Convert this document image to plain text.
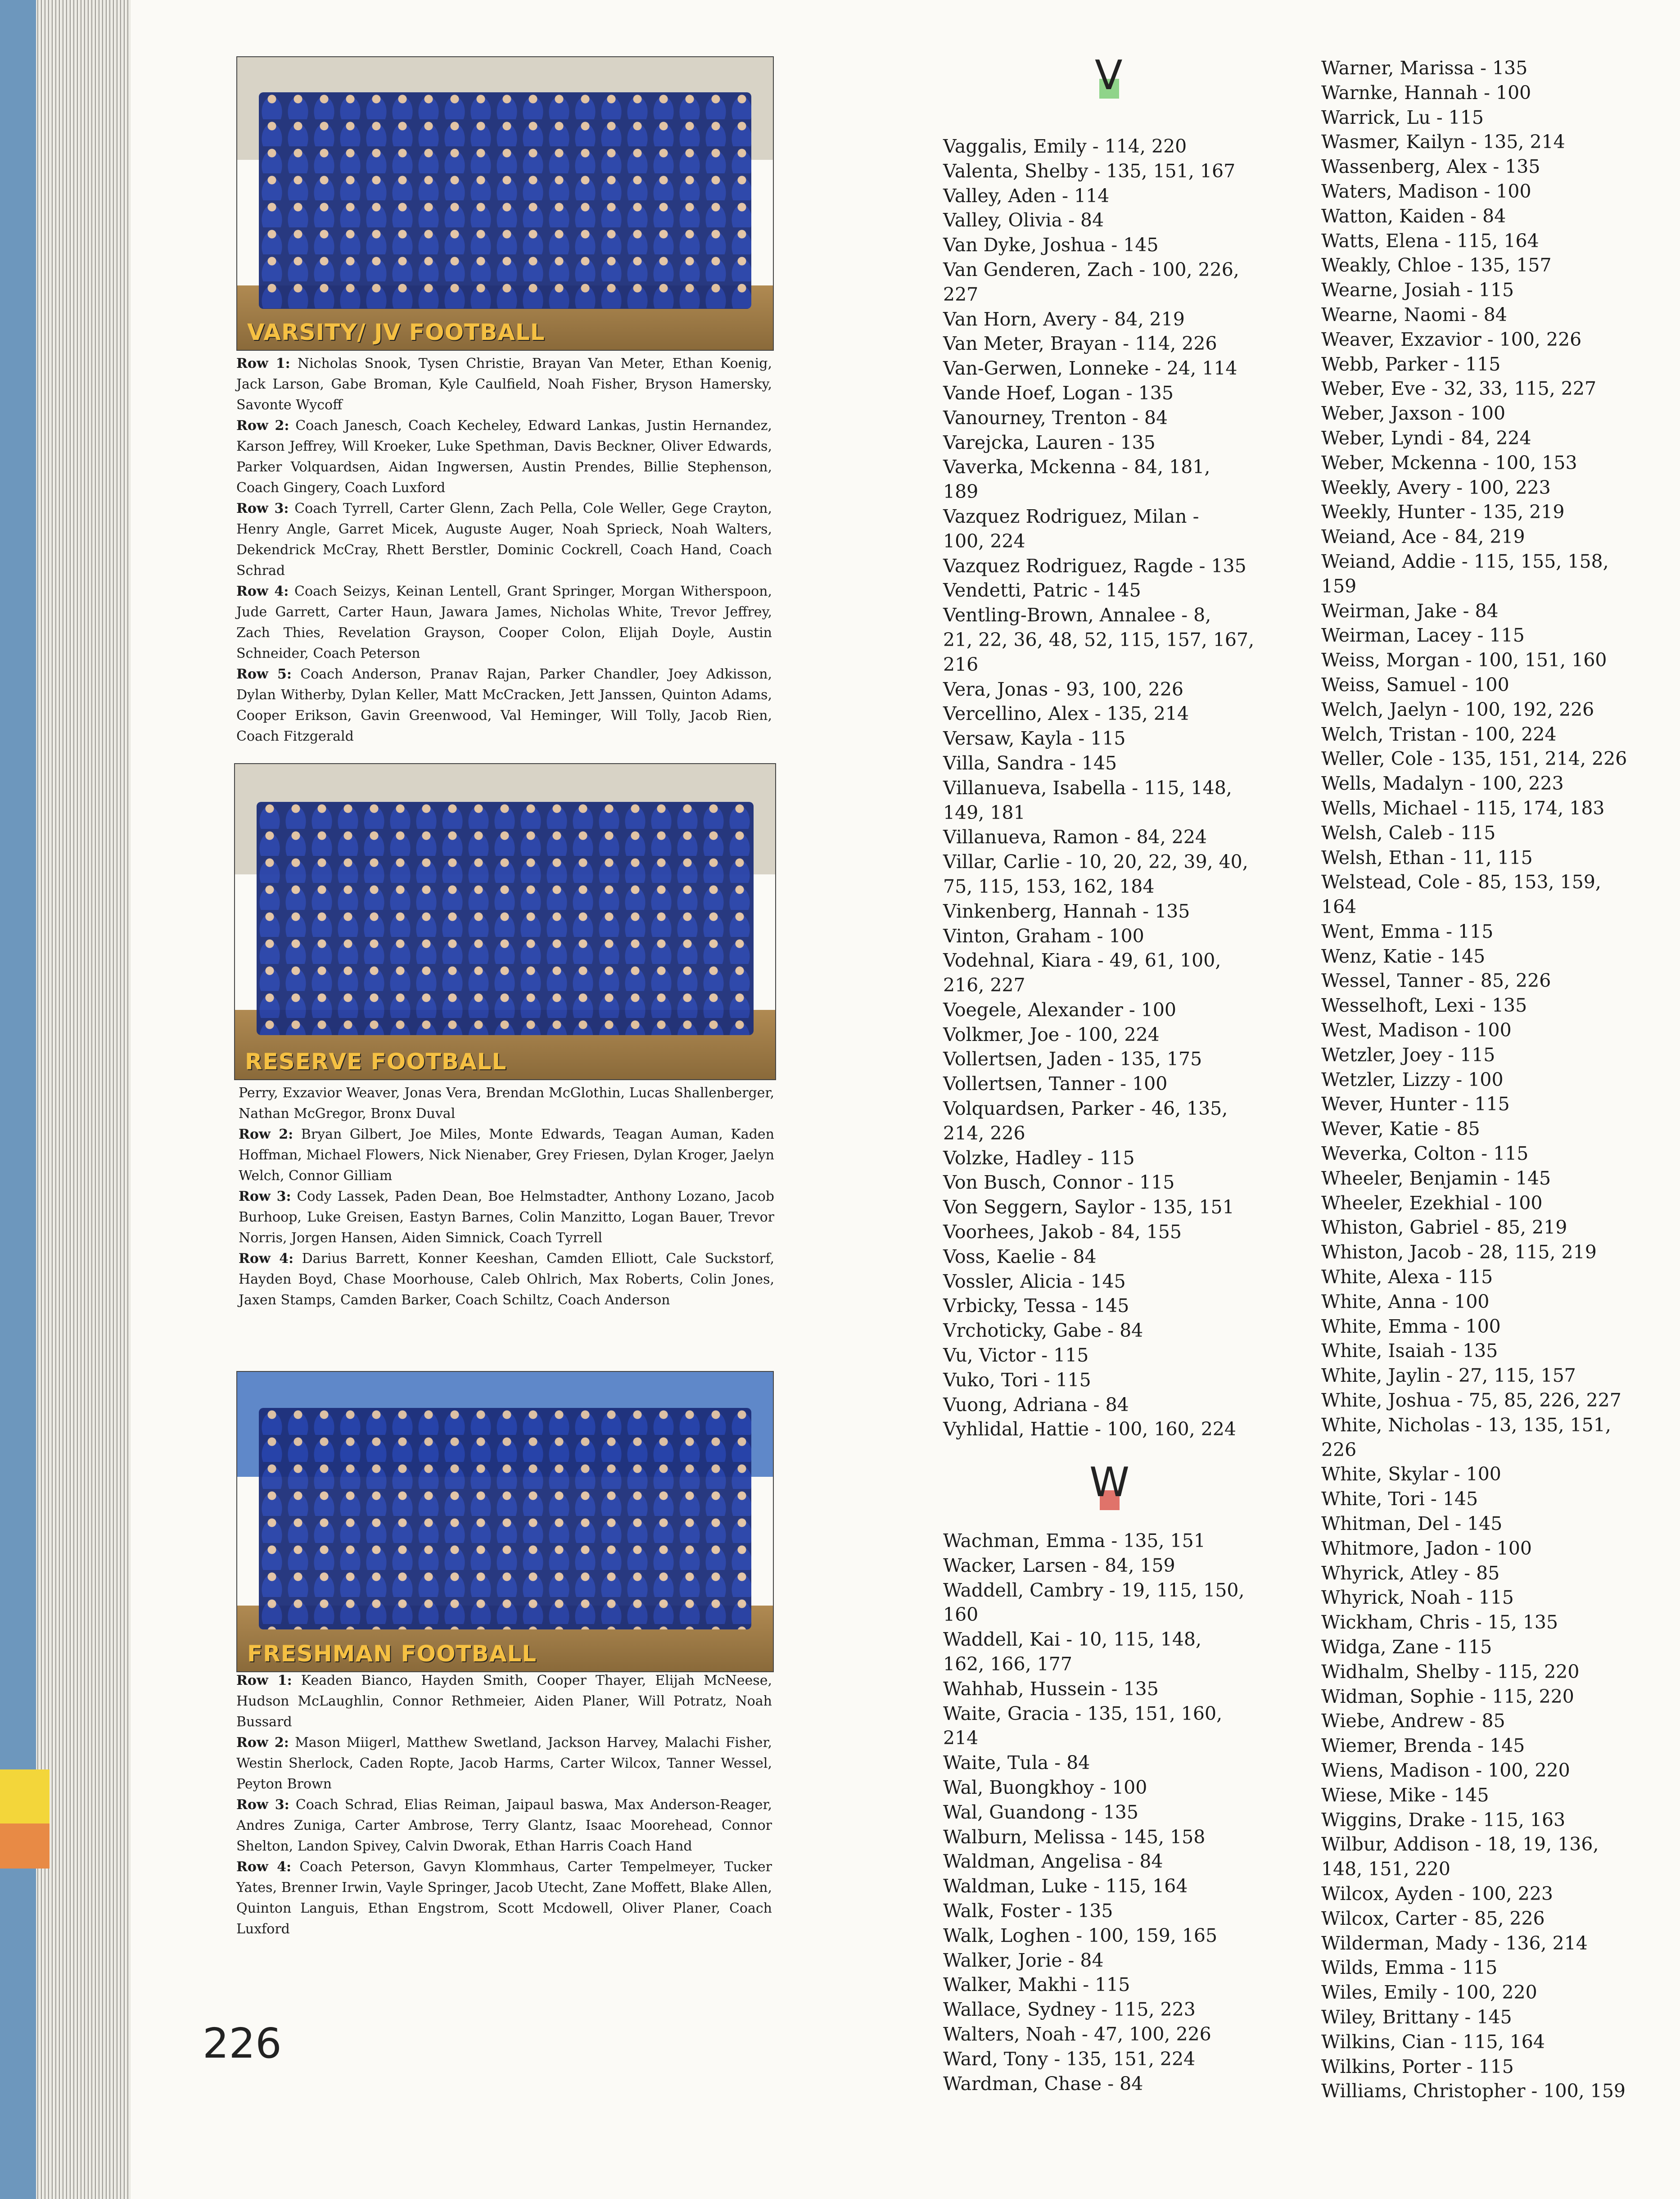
VARSITY/ JV FOOTBALL

Row 1: Nicholas Snook, Tysen Christie, Brayan Van Meter, Ethan Koenig, Jack Larson, Gabe Broman, Kyle Caulfield, Noah Fisher, Bryson Hamersky, Savonte Wycoff

Row 2: Coach Janesch, Coach Kecheley, Edward Lankas, Justin Hernandez, Karson Jeffrey, Will Kroeker, Luke Spethman, Davis Beckner, Oliver Edwards, Parker Volquardsen, Aidan Ingwersen, Austin Prendes, Billie Stephenson, Coach Gingery, Coach Luxford

Row 3: Coach Tyrrell, Carter Glenn, Zach Pella, Cole Weller, Gege Crayton, Henry Angle, Garret Micek, Auguste Auger, Noah Sprieck, Noah Walters, Dekendrick McCray, Rhett Berstler, Dominic Cockrell, Coach Hand, Coach Schrad

Row 4: Coach Seizys, Keinan Lentell, Grant Springer, Morgan Witherspoon, Jude Garrett, Carter Haun, Jawara James, Nicholas White, Trevor Jeffrey, Zach Thies, Revelation Grayson, Cooper Colon, Elijah Doyle, Austin Schneider, Coach Peterson

Row 5: Coach Anderson, Pranav Rajan, Parker Chandler, Joey Adkisson, Dylan Witherby, Dylan Keller, Matt McCracken, Jett Janssen, Quinton Adams, Cooper Erikson, Gavin Greenwood, Val Heminger, Will Tolly, Jacob Rien, Coach Fitzgerald

RESERVE FOOTBALL

Perry, Exzavior Weaver, Jonas Vera, Brendan McGlothin, Lucas Shallenberger, Nathan McGregor, Bronx Duval

Row 2: Bryan Gilbert, Joe Miles, Monte Edwards, Teagan Auman, Kaden Hoffman, Michael Flowers, Nick Nienaber, Grey Friesen, Dylan Kroger, Jaelyn Welch, Connor Gilliam

Row 3: Cody Lassek, Paden Dean, Boe Helmstadter, Anthony Lozano, Jacob Burhoop, Luke Greisen, Eastyn Barnes, Colin Manzitto, Logan Bauer, Trevor Norris, Jorgen Hansen, Aiden Simnick, Coach Tyrrell

Row 4: Darius Barrett, Konner Keeshan, Camden Elliott, Cale Suckstorf, Hayden Boyd, Chase Moorhouse, Caleb Ohlrich, Max Roberts, Colin Jones, Jaxen Stamps, Camden Barker, Coach Schiltz, Coach Anderson

FRESHMAN FOOTBALL

Row 1: Keaden Bianco, Hayden Smith, Cooper Thayer, Elijah McNeese, Hudson McLaughlin, Connor Rethmeier, Aiden Planer, Will Potratz, Noah Bussard

Row 2: Mason Miigerl, Matthew Swetland, Jackson Harvey, Malachi Fisher, Westin Sherlock, Caden Ropte, Jacob Harms, Carter Wilcox, Tanner Wessel, Peyton Brown

Row 3: Coach Schrad, Elias Reiman, Jaipaul baswa, Max Anderson-Reager, Andres Zuniga, Carter Ambrose, Terry Glantz, Isaac Moorehead, Connor Shelton, Landon Spivey, Calvin Dworak, Ethan Harris Coach Hand

Row 4: Coach Peterson, Gavyn Klommhaus, Carter Tempelmeyer, Tucker Yates, Brenner Irwin, Vayle Springer, Jacob Utecht, Zane Moffett, Blake Allen, Quinton Languis, Ethan Engstrom, Scott Mcdowell, Oliver Planer, Coach Luxford

226
V
W
Vaggalis, Emily - 114, 220
Valenta, Shelby - 135, 151, 167
Valley, Aden - 114
Valley, Olivia - 84
Van Dyke, Joshua - 145
Van Genderen, Zach - 100, 226,
227
Van Horn, Avery - 84, 219
Van Meter, Brayan - 114, 226
Van-Gerwen, Lonneke - 24, 114
Vande Hoef, Logan - 135
Vanourney, Trenton - 84
Varejcka, Lauren - 135
Vaverka, Mckenna - 84, 181,
189
Vazquez Rodriguez, Milan -
100, 224
Vazquez Rodriguez, Ragde - 135
Vendetti, Patric - 145
Ventling-Brown, Annalee - 8,
21, 22, 36, 48, 52, 115, 157, 167,
216
Vera, Jonas - 93, 100, 226
Vercellino, Alex - 135, 214
Versaw, Kayla - 115
Villa, Sandra - 145
Villanueva, Isabella - 115, 148,
149, 181
Villanueva, Ramon - 84, 224
Villar, Carlie - 10, 20, 22, 39, 40,
75, 115, 153, 162, 184
Vinkenberg, Hannah - 135
Vinton, Graham - 100
Vodehnal, Kiara - 49, 61, 100,
216, 227
Voegele, Alexander - 100
Volkmer, Joe - 100, 224
Vollertsen, Jaden - 135, 175
Vollertsen, Tanner - 100
Volquardsen, Parker - 46, 135,
214, 226
Volzke, Hadley - 115
Von Busch, Connor - 115
Von Seggern, Saylor - 135, 151
Voorhees, Jakob - 84, 155
Voss, Kaelie - 84
Vossler, Alicia - 145
Vrbicky, Tessa - 145
Vrchoticky, Gabe - 84
Vu, Victor - 115
Vuko, Tori - 115
Vuong, Adriana - 84
Vyhlidal, Hattie - 100, 160, 224
Wachman, Emma - 135, 151
Wacker, Larsen - 84, 159
Waddell, Cambry - 19, 115, 150,
160
Waddell, Kai - 10, 115, 148,
162, 166, 177
Wahhab, Hussein - 135
Waite, Gracia - 135, 151, 160,
214
Waite, Tula - 84
Wal, Buongkhoy - 100
Wal, Guandong - 135
Walburn, Melissa - 145, 158
Waldman, Angelisa - 84
Waldman, Luke - 115, 164
Walk, Foster - 135
Walk, Loghen - 100, 159, 165
Walker, Jorie - 84
Walker, Makhi - 115
Wallace, Sydney - 115, 223
Walters, Noah - 47, 100, 226
Ward, Tony - 135, 151, 224
Wardman, Chase - 84
Warner, Marissa - 135
Warnke, Hannah - 100
Warrick, Lu - 115
Wasmer, Kailyn - 135, 214
Wassenberg, Alex - 135
Waters, Madison - 100
Watton, Kaiden - 84
Watts, Elena - 115, 164
Weakly, Chloe - 135, 157
Wearne, Josiah - 115
Wearne, Naomi - 84
Weaver, Exzavior - 100, 226
Webb, Parker - 115
Weber, Eve - 32, 33, 115, 227
Weber, Jaxson - 100
Weber, Lyndi - 84, 224
Weber, Mckenna - 100, 153
Weekly, Avery - 100, 223
Weekly, Hunter - 135, 219
Weiand, Ace - 84, 219
Weiand, Addie - 115, 155, 158,
159
Weirman, Jake - 84
Weirman, Lacey - 115
Weiss, Morgan - 100, 151, 160
Weiss, Samuel - 100
Welch, Jaelyn - 100, 192, 226
Welch, Tristan - 100, 224
Weller, Cole - 135, 151, 214, 226
Wells, Madalyn - 100, 223
Wells, Michael - 115, 174, 183
Welsh, Caleb - 115
Welsh, Ethan - 11, 115
Welstead, Cole - 85, 153, 159,
164
Went, Emma - 115
Wenz, Katie - 145
Wessel, Tanner - 85, 226
Wesselhoft, Lexi - 135
West, Madison - 100
Wetzler, Joey - 115
Wetzler, Lizzy - 100
Wever, Hunter - 115
Wever, Katie - 85
Weverka, Colton - 115
Wheeler, Benjamin - 145
Wheeler, Ezekhial - 100
Whiston, Gabriel - 85, 219
Whiston, Jacob - 28, 115, 219
White, Alexa - 115
White, Anna - 100
White, Emma - 100
White, Isaiah - 135
White, Jaylin - 27, 115, 157
White, Joshua - 75, 85, 226, 227
White, Nicholas - 13, 135, 151,
226
White, Skylar - 100
White, Tori - 145
Whitman, Del - 145
Whitmore, Jadon - 100
Whyrick, Atley - 85
Whyrick, Noah - 115
Wickham, Chris - 15, 135
Widga, Zane - 115
Widhalm, Shelby - 115, 220
Widman, Sophie - 115, 220
Wiebe, Andrew - 85
Wiemer, Brenda - 145
Wiens, Madison - 100, 220
Wiese, Mike - 145
Wiggins, Drake - 115, 163
Wilbur, Addison - 18, 19, 136,
148, 151, 220
Wilcox, Ayden - 100, 223
Wilcox, Carter - 85, 226
Wilderman, Mady - 136, 214
Wilds, Emma - 115
Wiles, Emily - 100, 220
Wiley, Brittany - 145
Wilkins, Cian - 115, 164
Wilkins, Porter - 115
Williams, Christopher - 100, 159
